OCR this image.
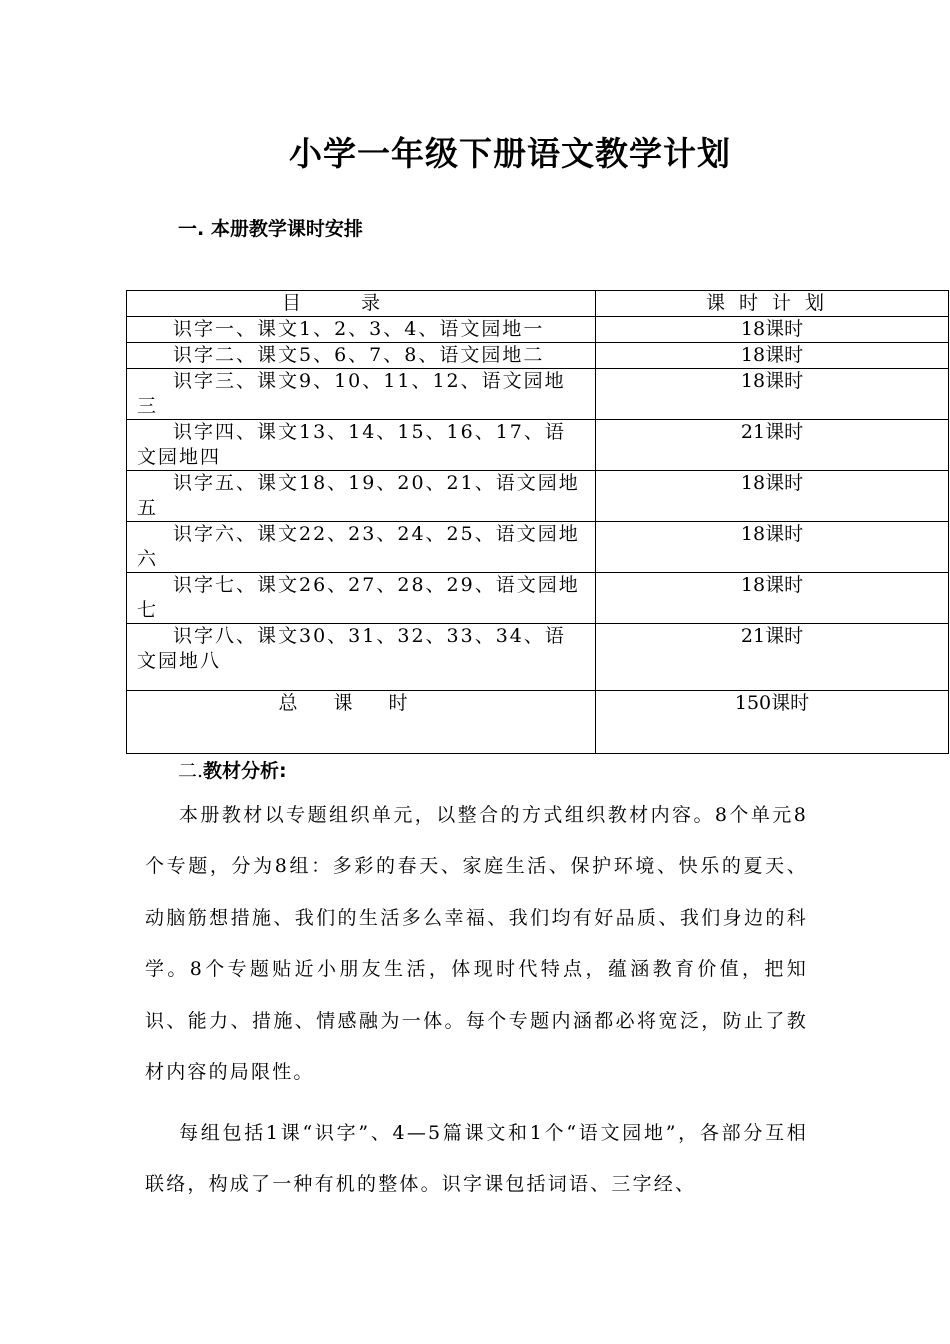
小学一年级下册语文教学计划
一. 本册教学课时安排
目录	课时计划
识字一、课文1、2、3、4、语文园地一	18课时
识字二、课文5、6、7、8、语文园地二	18课时
识字三、课文9、10、11、12、语文园地三	18课时
识字四、课文13、14、15、16、17、语文园地四	21课时
识字五、课文18、19、20、21、语文园地五	18课时
识字六、课文22、23、24、25、语文园地六	18课时
识字七、课文26、27、28、29、语文园地七	18课时
识字八、课文30、31、32、33、34、语文园地八	21课时
总课时	150课时
二.教材分析:

本册教材以专题组织单元，以整合的方式组织教材内容。8个单元8个专题，分为8组：多彩的春天、家庭生活、保护环境、快乐的夏天、动脑筋想措施、我们的生活多么幸福、我们均有好品质、我们身边的科学。8个专题贴近小朋友生活，体现时代特点，蕴涵教育价值，把知识、能力、措施、情感融为一体。每个专题内涵都必将宽泛，防止了教材内容的局限性。

每组包括1课“识字”、4—5篇课文和1个“语文园地”，各部分互相联络，构成了一种有机的整体。识字课包括词语、三字经、
